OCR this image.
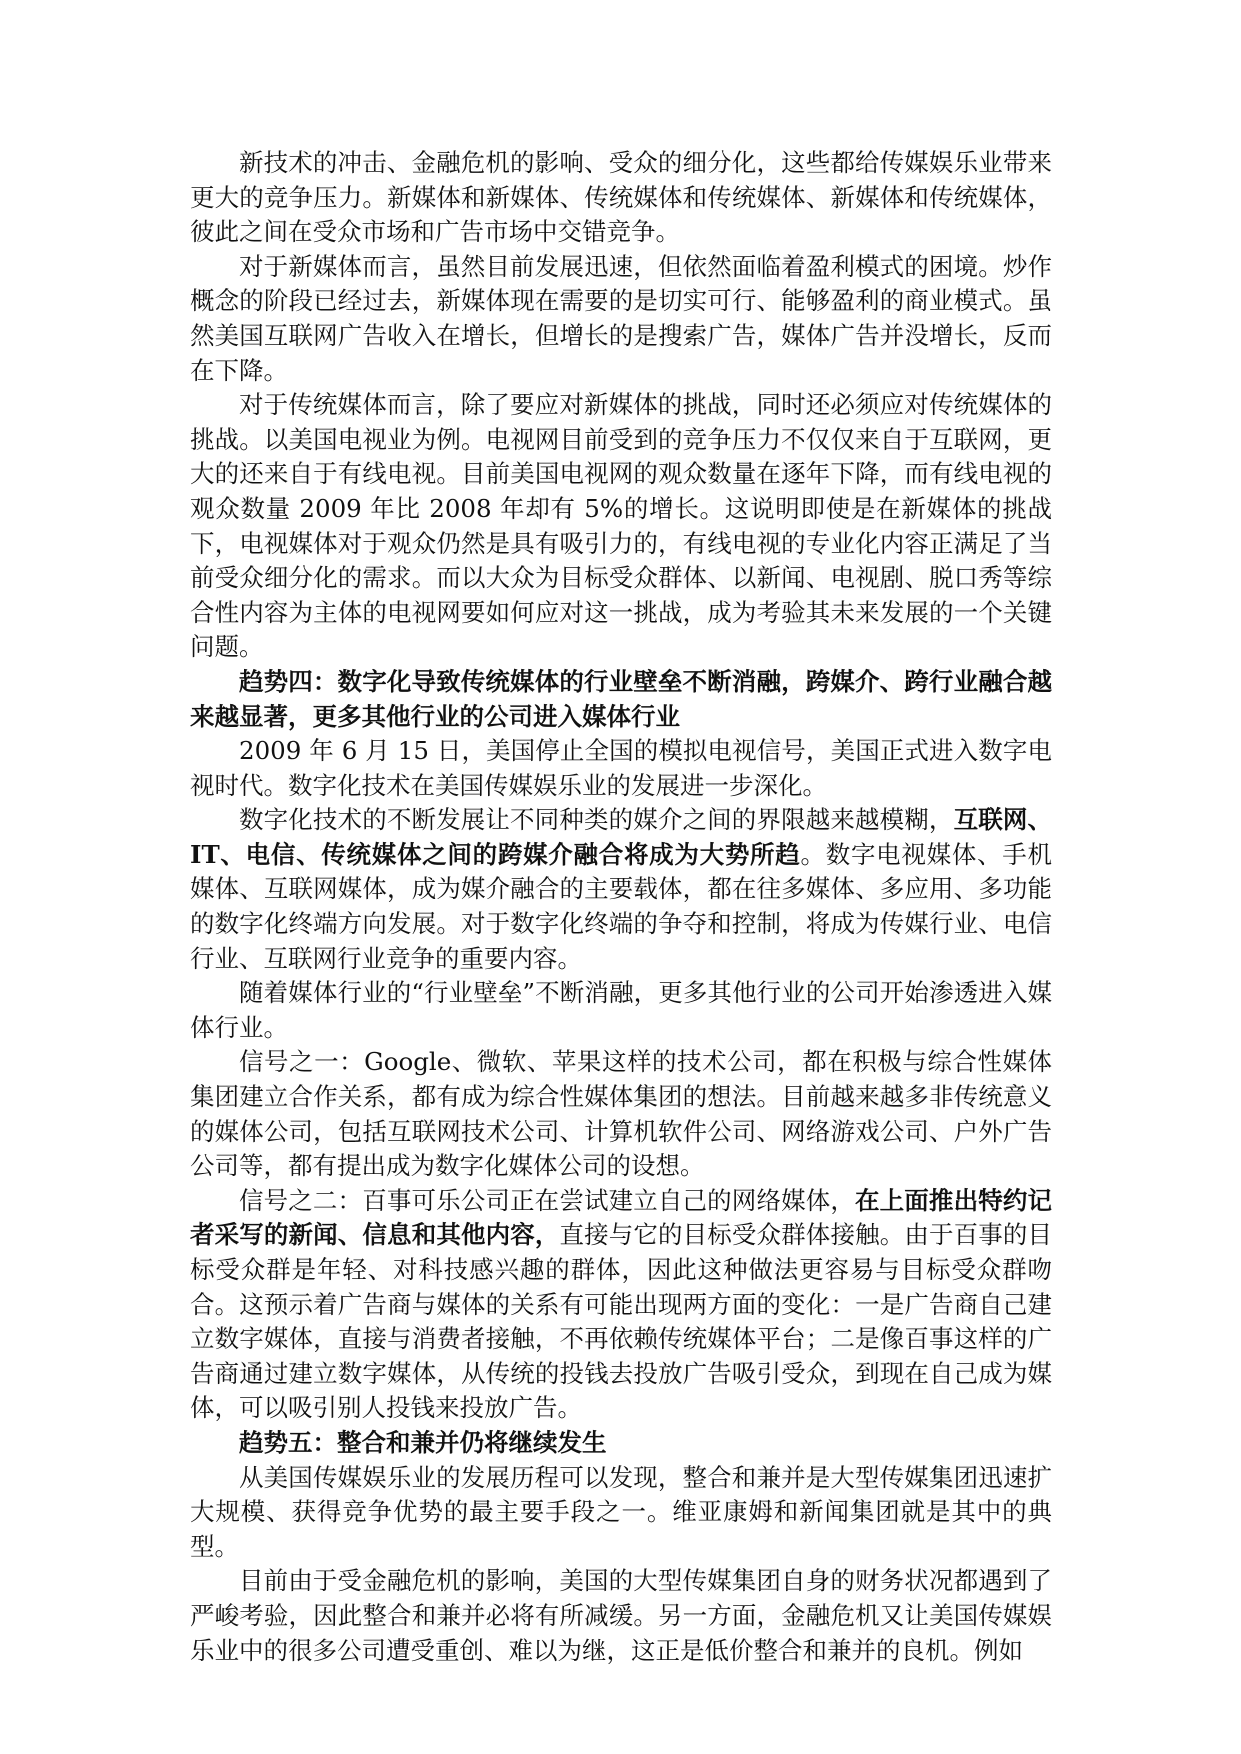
新技术的冲击、金融危机的影响、受众的细分化，这些都给传媒娱乐业带来更大的竞争压力。新媒体和新媒体、传统媒体和传统媒体、新媒体和传统媒体，彼此之间在受众市场和广告市场中交错竞争。

对于新媒体而言，虽然目前发展迅速，但依然面临着盈利模式的困境。炒作概念的阶段已经过去，新媒体现在需要的是切实可行、能够盈利的商业模式。虽然美国互联网广告收入在增长，但增长的是搜索广告，媒体广告并没增长，反而在下降。

对于传统媒体而言，除了要应对新媒体的挑战，同时还必须应对传统媒体的挑战。以美国电视业为例。电视网目前受到的竞争压力不仅仅来自于互联网，更大的还来自于有线电视。目前美国电视网的观众数量在逐年下降，而有线电视的观众数量 2009 年比 2008 年却有 5%的增长。这说明即使是在新媒体的挑战下，电视媒体对于观众仍然是具有吸引力的，有线电视的专业化内容正满足了当前受众细分化的需求。而以大众为目标受众群体、以新闻、电视剧、脱口秀等综合性内容为主体的电视网要如何应对这一挑战，成为考验其未来发展的一个关键问题。

趋势四：数字化导致传统媒体的行业壁垒不断消融，跨媒介、跨行业融合越来越显著，更多其他行业的公司进入媒体行业

2009 年 6 月 15 日，美国停止全国的模拟电视信号，美国正式进入数字电视时代。数字化技术在美国传媒娱乐业的发展进一步深化。

数字化技术的不断发展让不同种类的媒介之间的界限越来越模糊，互联网、IT、电信、传统媒体之间的跨媒介融合将成为大势所趋。数字电视媒体、手机媒体、互联网媒体，成为媒介融合的主要载体，都在往多媒体、多应用、多功能的数字化终端方向发展。对于数字化终端的争夺和控制，将成为传媒行业、电信行业、互联网行业竞争的重要内容。

随着媒体行业的“行业壁垒”不断消融，更多其他行业的公司开始渗透进入媒体行业。

信号之一：Google、微软、苹果这样的技术公司，都在积极与综合性媒体集团建立合作关系，都有成为综合性媒体集团的想法。目前越来越多非传统意义的媒体公司，包括互联网技术公司、计算机软件公司、网络游戏公司、户外广告公司等，都有提出成为数字化媒体公司的设想。

信号之二：百事可乐公司正在尝试建立自己的网络媒体，在上面推出特约记者采写的新闻、信息和其他内容，直接与它的目标受众群体接触。由于百事的目标受众群是年轻、对科技感兴趣的群体，因此这种做法更容易与目标受众群吻合。这预示着广告商与媒体的关系有可能出现两方面的变化：一是广告商自己建立数字媒体，直接与消费者接触，不再依赖传统媒体平台；二是像百事这样的广告商通过建立数字媒体，从传统的投钱去投放广告吸引受众，到现在自己成为媒体，可以吸引别人投钱来投放广告。

趋势五：整合和兼并仍将继续发生

从美国传媒娱乐业的发展历程可以发现，整合和兼并是大型传媒集团迅速扩大规模、获得竞争优势的最主要手段之一。维亚康姆和新闻集团就是其中的典型。

目前由于受金融危机的影响，美国的大型传媒集团自身的财务状况都遇到了严峻考验，因此整合和兼并必将有所减缓。另一方面，金融危机又让美国传媒娱乐业中的很多公司遭受重创、难以为继，这正是低价整合和兼并的良机。例如
